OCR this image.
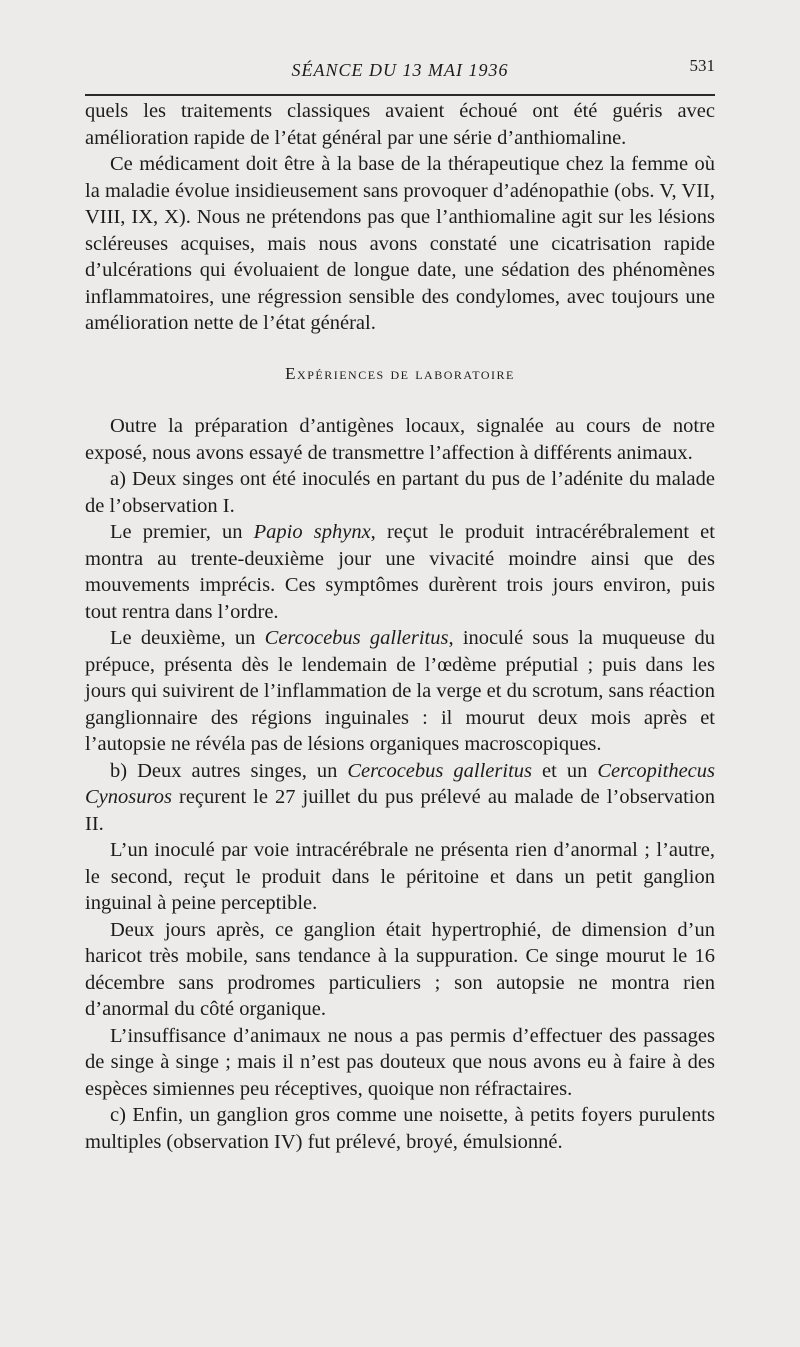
SÉANCE DU 13 MAI 1936	531

quels les traitements classiques avaient échoué ont été guéris avec amélioration rapide de l’état général par une série d’anthiomaline.

Ce médicament doit être à la base de la thérapeutique chez la femme où la maladie évolue insidieusement sans provoquer d’adénopathie (obs. V, VII, VIII, IX, X). Nous ne prétendons pas que l’anthiomaline agit sur les lésions scléreuses acquises, mais nous avons constaté une cicatrisation rapide d’ulcérations qui évoluaient de longue date, une sédation des phénomènes inflammatoires, une régression sensible des condylomes, avec toujours une amélioration nette de l’état général.

Expériences de laboratoire

Outre la préparation d’antigènes locaux, signalée au cours de notre exposé, nous avons essayé de transmettre l’affection à différents animaux.

a) Deux singes ont été inoculés en partant du pus de l’adénite du malade de l’observation I.

Le premier, un Papio sphynx, reçut le produit intracérébralement et montra au trente-deuxième jour une vivacité moindre ainsi que des mouvements imprécis. Ces symptômes durèrent trois jours environ, puis tout rentra dans l’ordre.

Le deuxième, un Cercocebus galleritus, inoculé sous la muqueuse du prépuce, présenta dès le lendemain de l’œdème préputial ; puis dans les jours qui suivirent de l’inflammation de la verge et du scrotum, sans réaction ganglionnaire des régions inguinales : il mourut deux mois après et l’autopsie ne révéla pas de lésions organiques macroscopiques.

b) Deux autres singes, un Cercocebus galleritus et un Cercopithecus Cynosuros reçurent le 27 juillet du pus prélevé au malade de l’observation II.

L’un inoculé par voie intracérébrale ne présenta rien d’anormal ; l’autre, le second, reçut le produit dans le péritoine et dans un petit ganglion inguinal à peine perceptible.

Deux jours après, ce ganglion était hypertrophié, de dimension d’un haricot très mobile, sans tendance à la suppuration. Ce singe mourut le 16 décembre sans prodromes particuliers ; son autopsie ne montra rien d’anormal du côté organique.

L’insuffisance d’animaux ne nous a pas permis d’effectuer des passages de singe à singe ; mais il n’est pas douteux que nous avons eu à faire à des espèces simiennes peu réceptives, quoique non réfractaires.

c) Enfin, un ganglion gros comme une noisette, à petits foyers purulents multiples (observation IV) fut prélevé, broyé, émulsionné.
